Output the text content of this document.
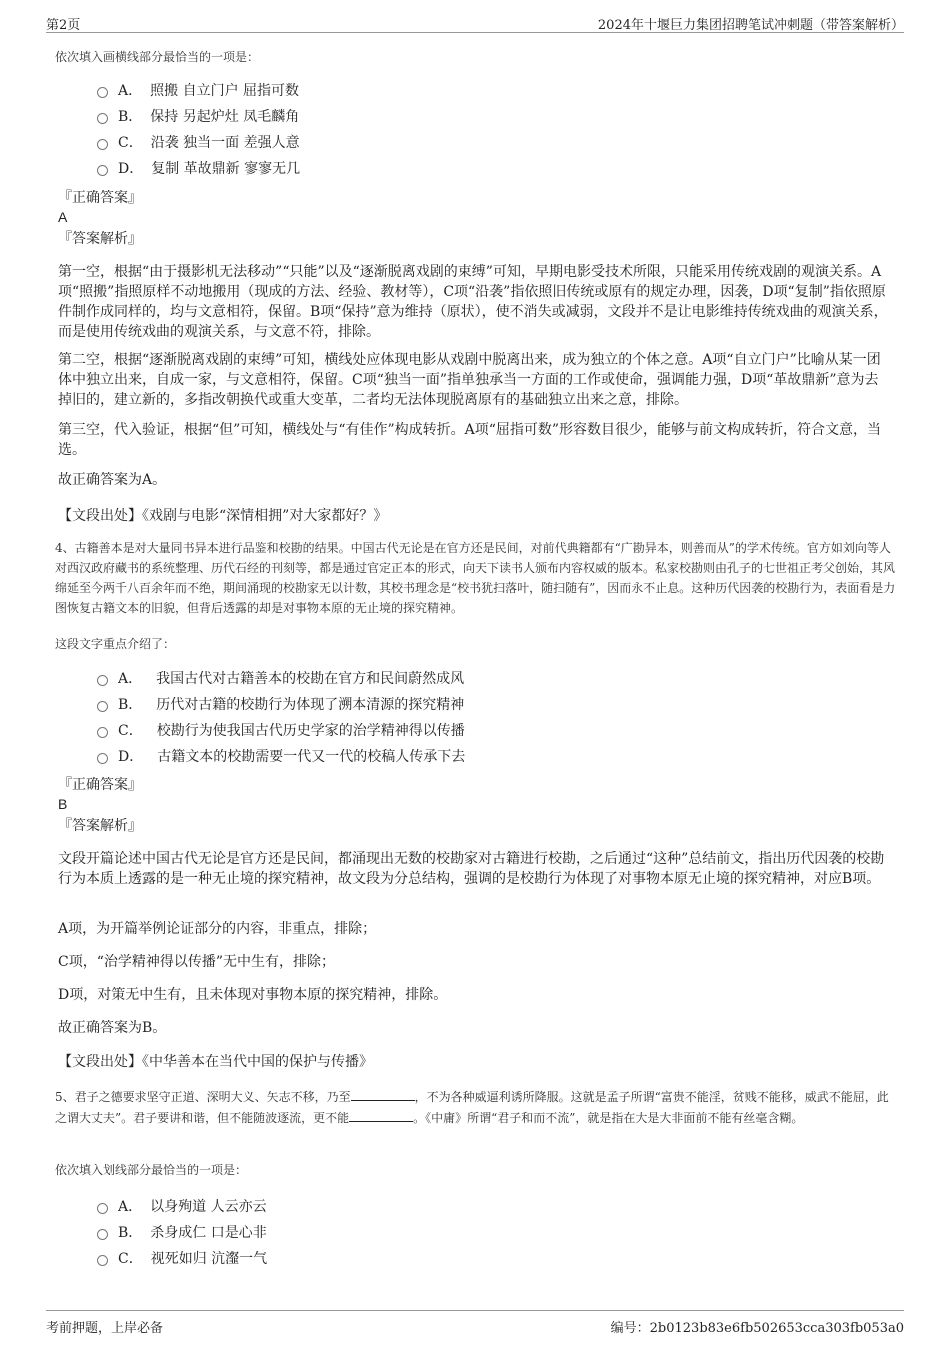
第2页	2024年十堰巨力集团招聘笔试冲刺题（带答案解析）
依次填入画横线部分最恰当的一项是：
A． 照搬 自立门户 屈指可数
B． 保持 另起炉灶 凤毛麟角
C． 沿袭 独当一面 差强人意
D． 复制 革故鼎新 寥寥无几
『正确答案』
A
『答案解析』
第一空，根据“由于摄影机无法移动”“只能”以及“逐渐脱离戏剧的束缚”可知，早期电影受技术所限，只能采用传统戏剧的观演关系。A项“照搬”指照原样不动地搬用（现成的方法、经验、教材等），C项“沿袭”指依照旧传统或原有的规定办理，因袭，D项“复制”指依照原件制作成同样的，均与文意相符，保留。B项“保持”意为维持（原状），使不消失或减弱，文段并不是让电影维持传统戏曲的观演关系，而是使用传统戏曲的观演关系，与文意不符，排除。
第二空，根据“逐渐脱离戏剧的束缚”可知，横线处应体现电影从戏剧中脱离出来，成为独立的个体之意。A项“自立门户”比喻从某一团体中独立出来，自成一家，与文意相符，保留。C项“独当一面”指单独承当一方面的工作或使命，强调能力强，D项“革故鼎新”意为去掉旧的，建立新的，多指改朝换代或重大变革，二者均无法体现脱离原有的基础独立出来之意，排除。
第三空，代入验证，根据“但”可知，横线处与“有佳作”构成转折。A项“屈指可数”形容数目很少，能够与前文构成转折，符合文意，当选。
故正确答案为A。
【文段出处】《戏剧与电影“深情相拥”对大家都好？》
4、古籍善本是对大量同书异本进行品鉴和校勘的结果。中国古代无论是在官方还是民间，对前代典籍都有“广勘异本，则善而从”的学术传统。官方如刘向等人对西汉政府藏书的系统整理、历代石经的刊刻等，都是通过官定正本的形式，向天下读书人颁布内容权威的版本。私家校勘则由孔子的七世祖正考父创始，其风绵延至今两千八百余年而不绝，期间涌现的校勘家无以计数，其校书理念是“校书犹扫落叶，随扫随有”，因而永不止息。这种历代因袭的校勘行为，表面看是力图恢复古籍文本的旧貌，但背后透露的却是对事物本原的无止境的探究精神。
这段文字重点介绍了：
A． 我国古代对古籍善本的校勘在官方和民间蔚然成风
B． 历代对古籍的校勘行为体现了溯本清源的探究精神
C． 校勘行为使我国古代历史学家的治学精神得以传播
D． 古籍文本的校勘需要一代又一代的校稿人传承下去
『正确答案』
B
『答案解析』
文段开篇论述中国古代无论是官方还是民间，都涌现出无数的校勘家对古籍进行校勘，之后通过“这种”总结前文，指出历代因袭的校勘行为本质上透露的是一种无止境的探究精神，故文段为分总结构，强调的是校勘行为体现了对事物本原无止境的探究精神，对应B项。
A项，为开篇举例论证部分的内容，非重点，排除；
C项，“治学精神得以传播”无中生有，排除；
D项，对策无中生有，且未体现对事物本原的探究精神，排除。
故正确答案为B。
【文段出处】《中华善本在当代中国的保护与传播》
5、君子之德要求坚守正道、深明大义、矢志不移，乃至	，不为各种威逼利诱所降服。这就是孟子所谓“富贵不能淫，贫贱不能移，威武不能屈，此之谓大丈夫”。君子要讲和谐，但不能随波逐流，更不能	。《中庸》所谓“君子和而不流”，就是指在大是大非面前不能有丝毫含糊。
依次填入划线部分最恰当的一项是：
A． 以身殉道 人云亦云
B． 杀身成仁 口是心非
C． 视死如归 沆瀣一气
考前押题，上岸必备	编号：2b0123b83e6fb502653cca303fb053a0
